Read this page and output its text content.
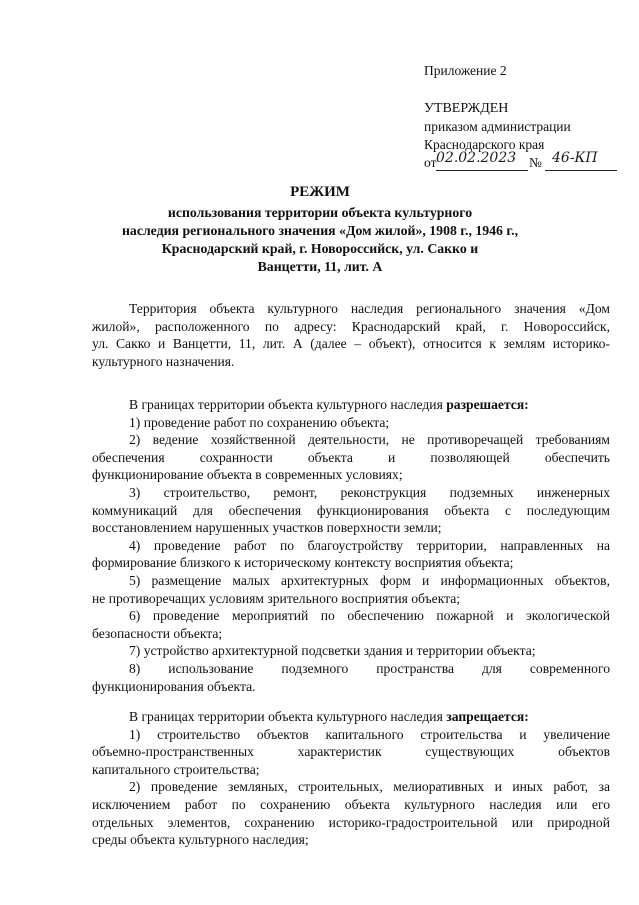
Приложение 2
УТВЕРЖДЕН
приказом администрации
Краснодарского края
от 02.02.2023 № 46-КП
РЕЖИМ
использования территории объекта культурного
наследия регионального значения «Дом жилой», 1908 г., 1946 г.,
Краснодарский край, г. Новороссийск, ул. Сакко и
Ванцетти, 11, лит. А

Территория объекта культурного наследия регионального значения «Дом

жилой», расположенного по адресу: Краснодарский край, г. Новороссийск,

ул. Сакко и Ванцетти, 11, лит. А (далее – объект), относится к землям историко-

культурного назначения.

В границах территории объекта культурного наследия разрешается:

1) проведение работ по сохранению объекта;

2) ведение хозяйственной деятельности, не противоречащей требованиям

обеспечения сохранности объекта и позволяющей обеспечить

функционирование объекта в современных условиях;

3) строительство, ремонт, реконструкция подземных инженерных

коммуникаций для обеспечения функционирования объекта с последующим

восстановлением нарушенных участков поверхности земли;

4) проведение работ по благоустройству территории, направленных на

формирование близкого к историческому контексту восприятия объекта;

5) размещение малых архитектурных форм и информационных объектов,

не противоречащих условиям зрительного восприятия объекта;

6) проведение мероприятий по обеспечению пожарной и экологической

безопасности объекта;

7) устройство архитектурной подсветки здания и территории объекта;

8) использование подземного пространства для современного

функционирования объекта.

В границах территории объекта культурного наследия запрещается:

1) строительство объектов капитального строительства и увеличение

объемно-пространственных характеристик существующих объектов

капитального строительства;

2) проведение земляных, строительных, мелиоративных и иных работ, за

исключением работ по сохранению объекта культурного наследия или его

отдельных элементов, сохранению историко-градостроительной или природной

среды объекта культурного наследия;
